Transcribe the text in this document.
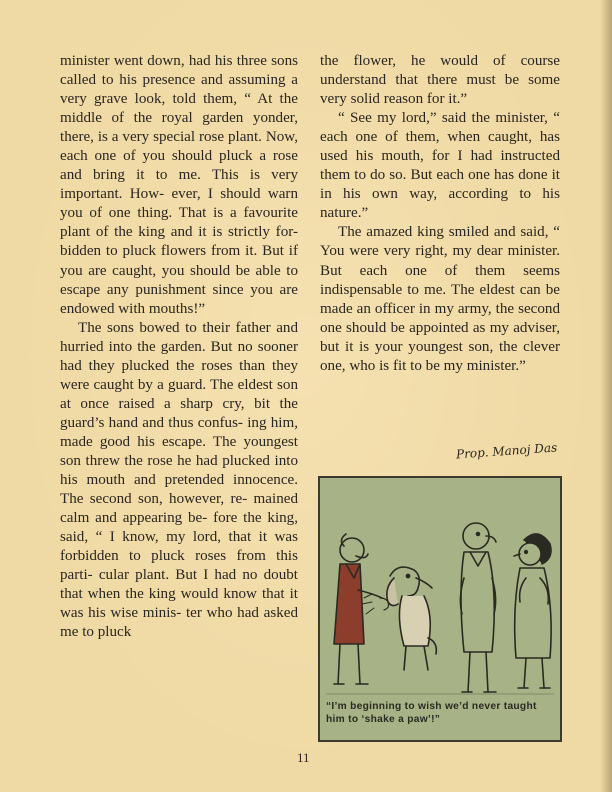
minister went down, had his three sons called to his presence and assuming a very grave look, told them, “ At the middle of the royal garden yonder, there, is a very special rose plant. Now, each one of you should pluck a rose and bring it to me. This is very important. How- ever, I should warn you of one thing. That is a favourite plant of the king and it is strictly for- bidden to pluck flowers from it. But if you are caught, you should be able to escape any punishment since you are endowed with mouths!”

The sons bowed to their father and hurried into the garden. But no sooner had they plucked the roses than they were caught by a guard. The eldest son at once raised a sharp cry, bit the guard’s hand and thus confus- ing him, made good his escape. The youngest son threw the rose he had plucked into his mouth and pretended innocence. The second son, however, re- mained calm and appearing be- fore the king, said, “ I know, my lord, that it was forbidden to pluck roses from this parti- cular plant. But I had no doubt that when the king would know that it was his wise minis- ter who had asked me to pluck

the flower, he would of course understand that there must be some very solid reason for it.”

“ See my lord,” said the minister, “ each one of them, when caught, has used his mouth, for I had instructed them to do so. But each one has done it in his own way, according to his nature.”

The amazed king smiled and said, “ You were very right, my dear minister. But each one of them seems indispensable to me. The eldest can be made an officer in my army, the second one should be appointed as my adviser, but it is your youngest son, the clever one, who is fit to be my minister.”

Prop. Manoj Das
“I’m beginning to wish we’d never taught him to ‘shake a paw’!”
11
